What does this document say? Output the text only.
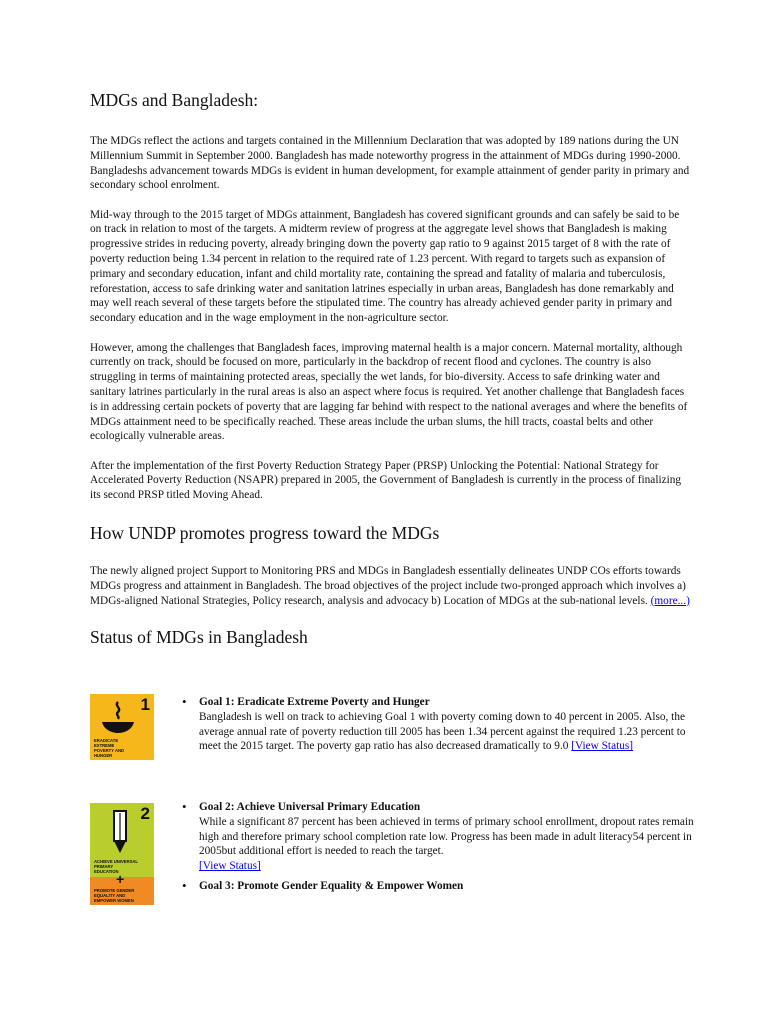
MDGs and Bangladesh:

The MDGs reflect the actions and targets contained in the Millennium Declaration that was adopted by 189 nations during the UN Millennium Summit in September 2000. Bangladesh has made noteworthy progress in the attainment of MDGs during 1990-2000. Bangladeshs advancement towards MDGs is evident in human development, for example attainment of gender parity in primary and secondary school enrolment.

Mid-way through to the 2015 target of MDGs attainment, Bangladesh has covered significant grounds and can safely be said to be on track in relation to most of the targets. A midterm review of progress at the aggregate level shows that Bangladesh is making progressive strides in reducing poverty, already bringing down the poverty gap ratio to 9 against 2015 target of 8 with the rate of poverty reduction being 1.34 percent in relation to the required rate of 1.23 percent. With regard to targets such as expansion of primary and secondary education, infant and child mortality rate, containing the spread and fatality of malaria and tuberculosis, reforestation, access to safe drinking water and sanitation latrines especially in urban areas, Bangladesh has done remarkably and may well reach several of these targets before the stipulated time. The country has already achieved gender parity in primary and secondary education and in the wage employment in the non-agriculture sector.

However, among the challenges that Bangladesh faces, improving maternal health is a major concern. Maternal mortality, although currently on track, should be focused on more, particularly in the backdrop of recent flood and cyclones. The country is also struggling in terms of maintaining protected areas, specially the wet lands, for bio-diversity. Access to safe drinking water and sanitary latrines particularly in the rural areas is also an aspect where focus is required. Yet another challenge that Bangladesh faces is in addressing certain pockets of poverty that are lagging far behind with respect to the national averages and where the benefits of MDGs attainment need to be specifically reached. These areas include the urban slums, the hill tracts, coastal belts and other ecologically vulnerable areas.

After the implementation of the first Poverty Reduction Strategy Paper (PRSP) Unlocking the Potential: National Strategy for Accelerated Poverty Reduction (NSAPR) prepared in 2005, the Government of Bangladesh is currently in the process of finalizing its second PRSP titled Moving Ahead.

How UNDP promotes progress toward the MDGs

The newly aligned project Support to Monitoring PRS and MDGs in Bangladesh essentially delineates UNDP COs efforts towards MDGs progress and attainment in Bangladesh. The broad objectives of the project include two-pronged approach which involves a) MDGs-aligned National Strategies, Policy research, analysis and advocacy b) Location of MDGs at the sub-national levels. (more...)

Status of MDGs in Bangladesh
1
ERADICATE EXTREME POVERTY AND HUNGER
• Goal 1: Eradicate Extreme Poverty and Hunger
Bangladesh is well on track to achieving Goal 1 with poverty coming down to 40 percent in 2005. Also, the average annual rate of poverty reduction till 2005 has been 1.34 percent against the required 1.23 percent to meet the 2015 target. The poverty gap ratio has also decreased dramatically to 9.0 [View Status]
2
ACHIEVE UNIVERSAL PRIMARY EDUCATION
+
PROMOTE GENDER EQUALITY AND EMPOWER WOMEN
• Goal 2: Achieve Universal Primary Education
While a significant 87 percent has been achieved in terms of primary school enrollment, dropout rates remain high and therefore primary school completion rate low. Progress has been made in adult literacy54 percent in 2005but additional effort is needed to reach the target.
[View Status]
• Goal 3: Promote Gender Equality & Empower Women
